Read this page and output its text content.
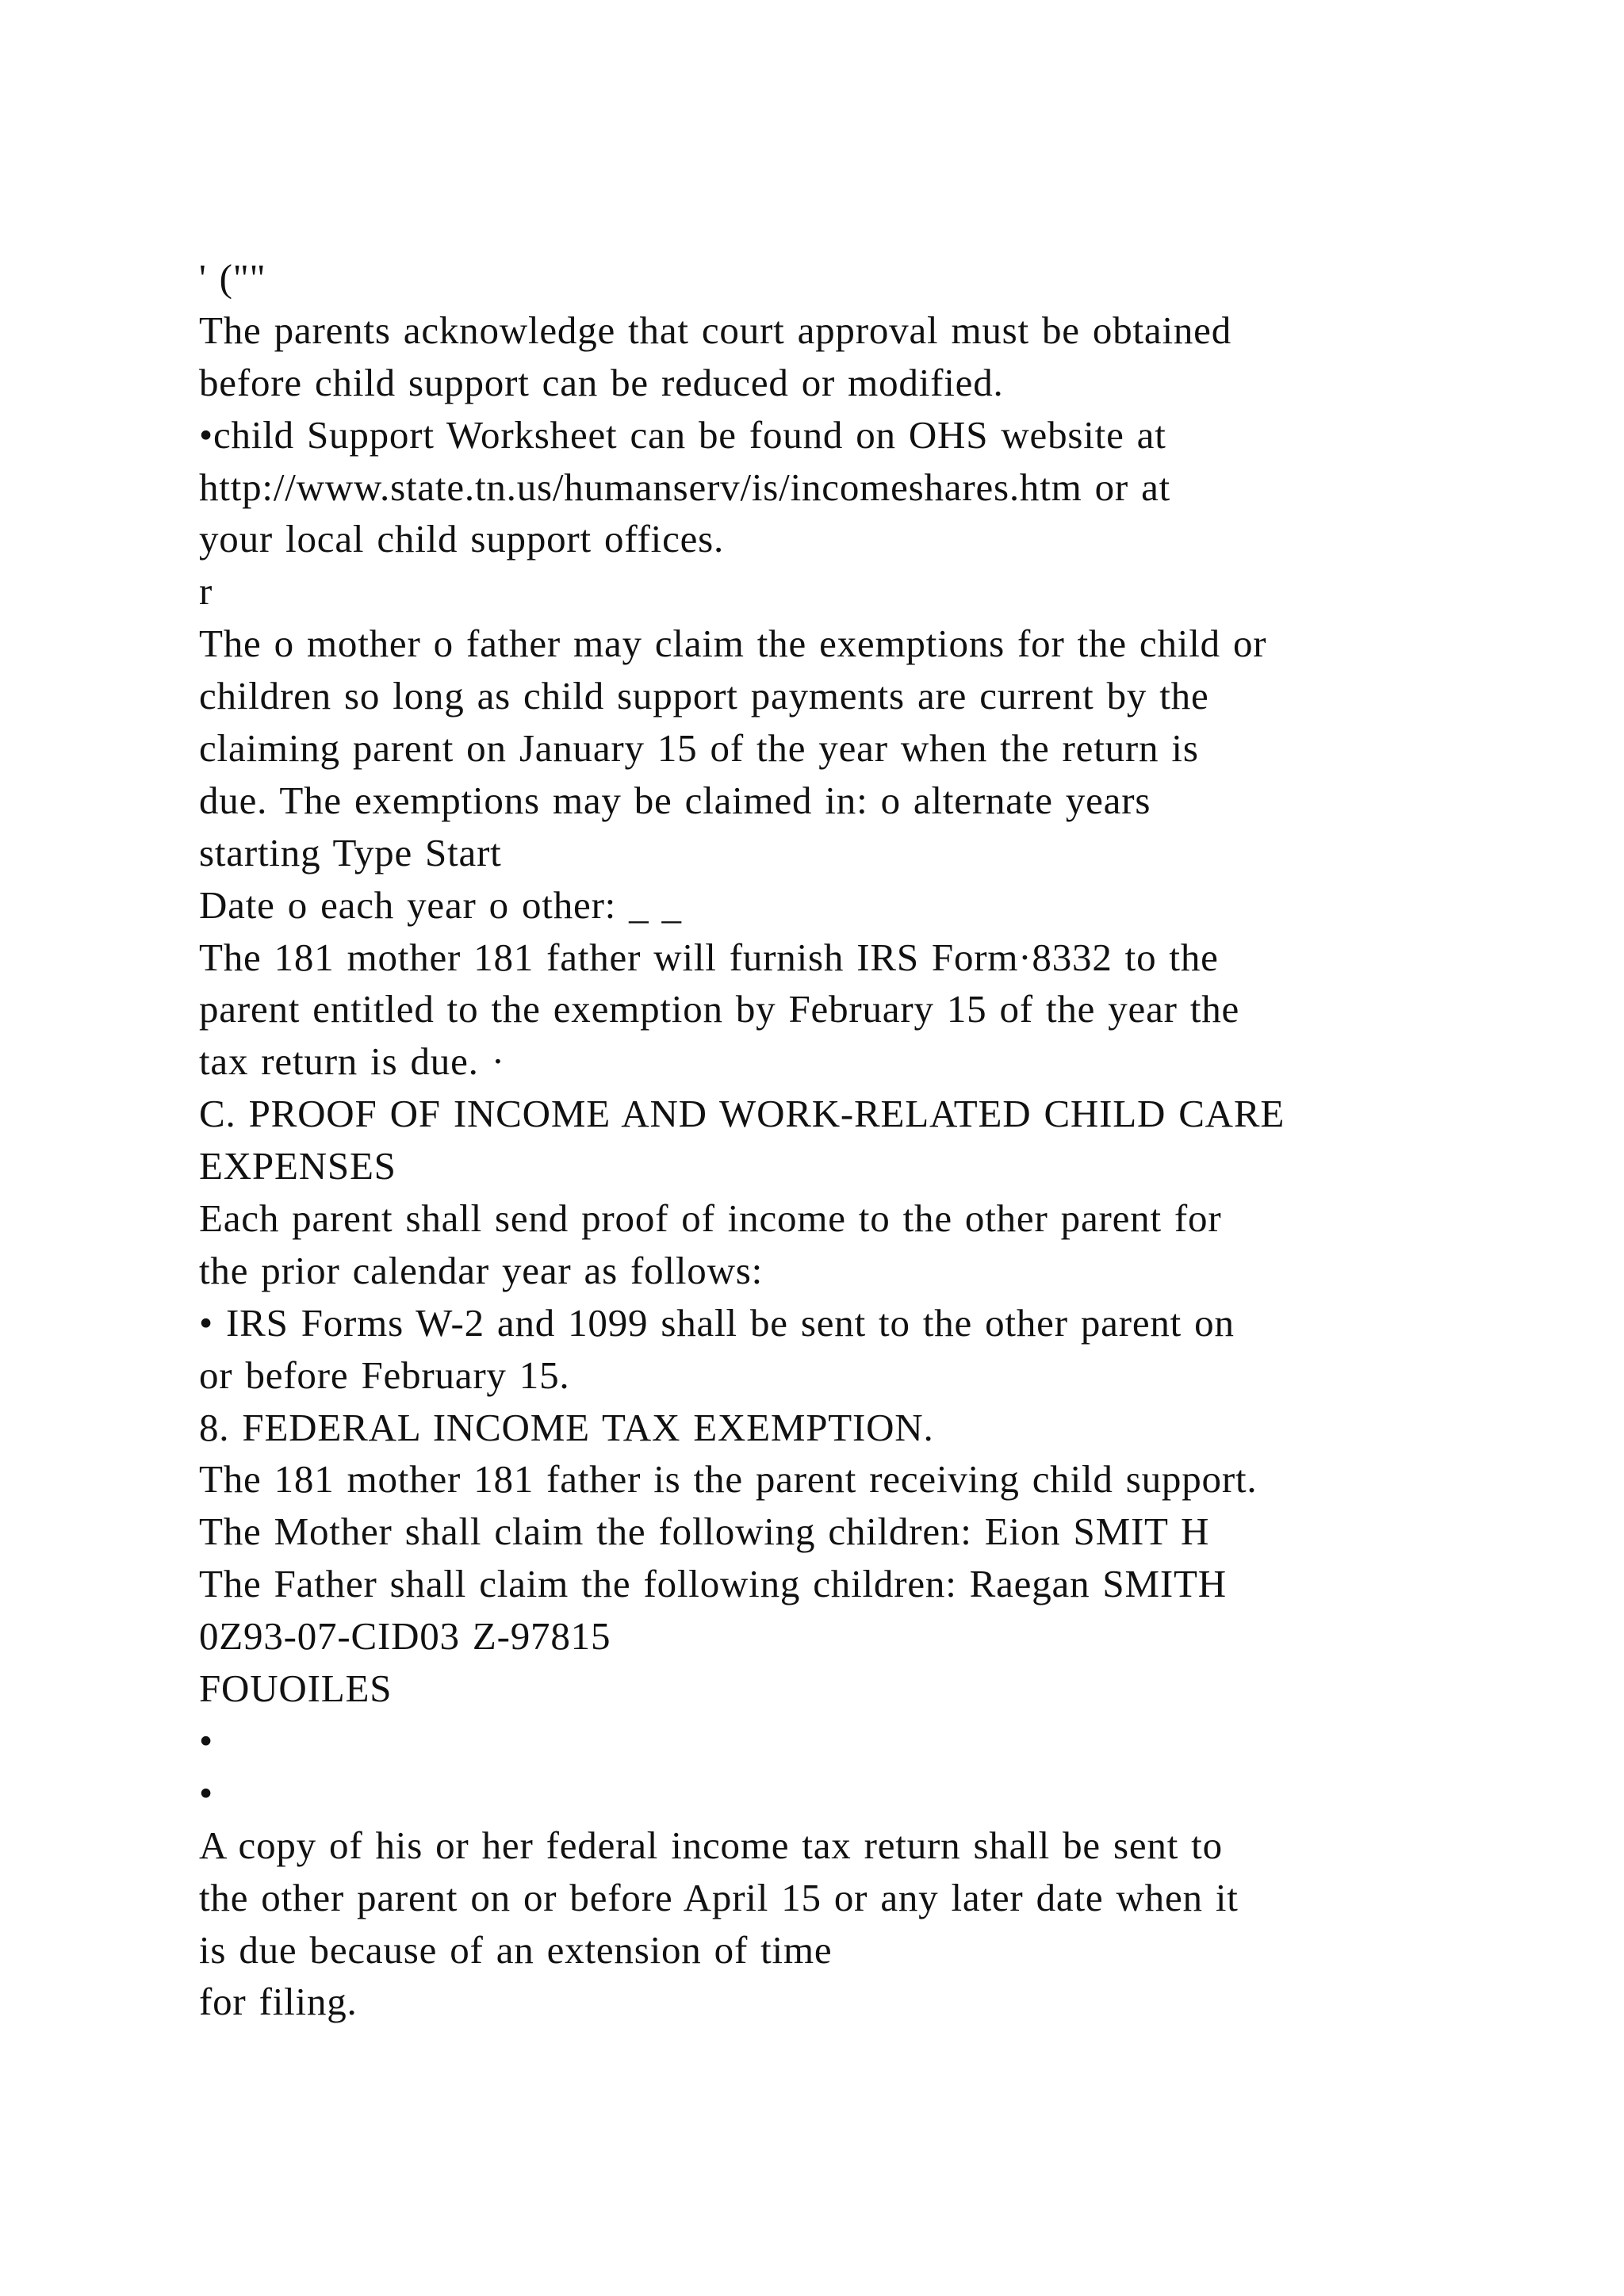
' (""
The parents acknowledge that court approval must be obtained
before child support can be reduced or modified.
•child Support Worksheet can be found on OHS website at
http://www.state.tn.us/humanserv/is/incomeshares.htm or at
your local child support offices.
r
The o mother o father may claim the exemptions for the child or
children so long as child support payments are current by the
claiming parent on January 15 of the year when the return is
due. The exemptions may be claimed in: o alternate years
starting Type Start
Date o each year o other: _ _
The 181 mother 181 father will furnish IRS Form·8332 to the
parent entitled to the exemption by February 15 of the year the
tax return is due. ·
C. PROOF OF INCOME AND WORK-RELATED CHILD CARE
EXPENSES
Each parent shall send proof of income to the other parent for
the prior calendar year as follows:
• IRS Forms W-2 and 1099 shall be sent to the other parent on
or before February 15.
8. FEDERAL INCOME TAX EXEMPTION.
The 181 mother 181 father is the parent receiving child support.
The Mother shall claim the following children: Eion SMIT H
The Father shall claim the following children: Raegan SMITH
0Z93-07-CID03 Z-97815
FOUOILES
•
•
A copy of his or her federal income tax return shall be sent to
the other parent on or before April 15 or any later date when it
is due because of an extension of time
for filing.
